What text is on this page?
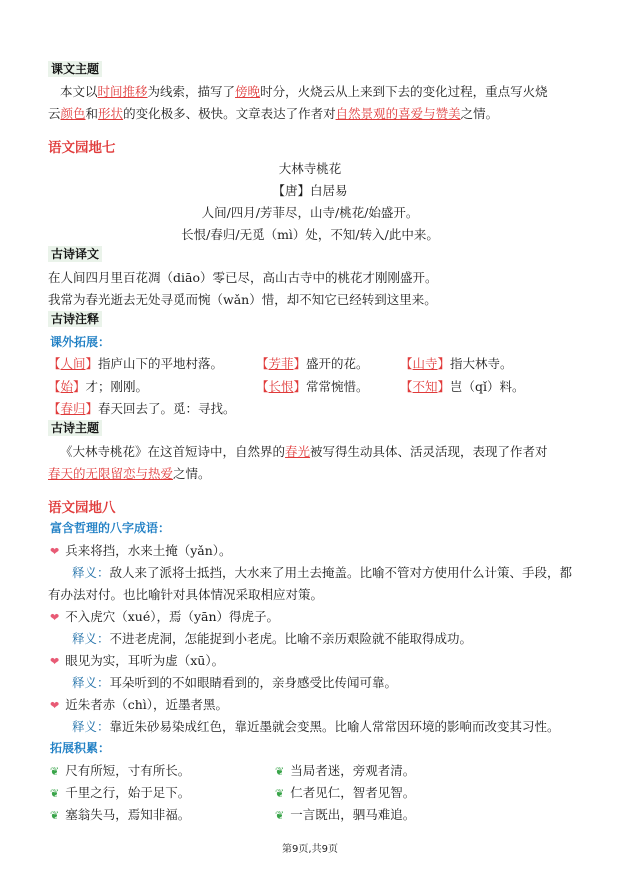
课文主题
本文以时间推移为线索，描写了傍晚时分，火烧云从上来到下去的变化过程，重点写火烧
云颜色和形状的变化极多、极快。文章表达了作者对自然景观的喜爱与赞美之情。
语文园地七
大林寺桃花
【唐】白居易
人间/四月/芳菲尽，山寺/桃花/始盛开。
长恨/春归/无觅（mì）处，不知/转入/此中来。
古诗译文
在人间四月里百花凋（diāo）零已尽，高山古寺中的桃花才刚刚盛开。
我常为春光逝去无处寻觅而惋（wǎn）惜，却不知它已经转到这里来。
古诗注释
课外拓展：
【人间】指庐山下的平地村落。	【芳菲】盛开的花。	【山寺】指大林寺。
【始】才；刚刚。	【长恨】常常惋惜。	【不知】岂（qǐ）料。
【春归】春天回去了。觅：寻找。
古诗主题
《大林寺桃花》在这首短诗中，自然界的春光被写得生动具体、活灵活现，表现了作者对
春天的无限留恋与热爱之情。
语文园地八
富含哲理的八字成语：
❤ 兵来将挡，水来土掩（yǎn）。
释义：敌人来了派将士抵挡，大水来了用土去掩盖。比喻不管对方使用什么计策、手段，都
有办法对付。也比喻针对具体情况采取相应对策。
❤ 不入虎穴（xué），焉（yān）得虎子。
释义：不进老虎洞，怎能捉到小老虎。比喻不亲历艰险就不能取得成功。
❤ 眼见为实，耳听为虚（xū）。
释义：耳朵听到的不如眼睛看到的，亲身感受比传闻可靠。
❤ 近朱者赤（chì），近墨者黑。
释义：靠近朱砂易染成红色，靠近墨就会变黑。比喻人常常因环境的影响而改变其习性。
拓展积累：
❦ 尺有所短，寸有所长。	❦ 当局者迷，旁观者清。
❦ 千里之行，始于足下。	❦ 仁者见仁，智者见智。
❦ 塞翁失马，焉知非福。	❦ 一言既出，驷马难追。
第9页,共9页
